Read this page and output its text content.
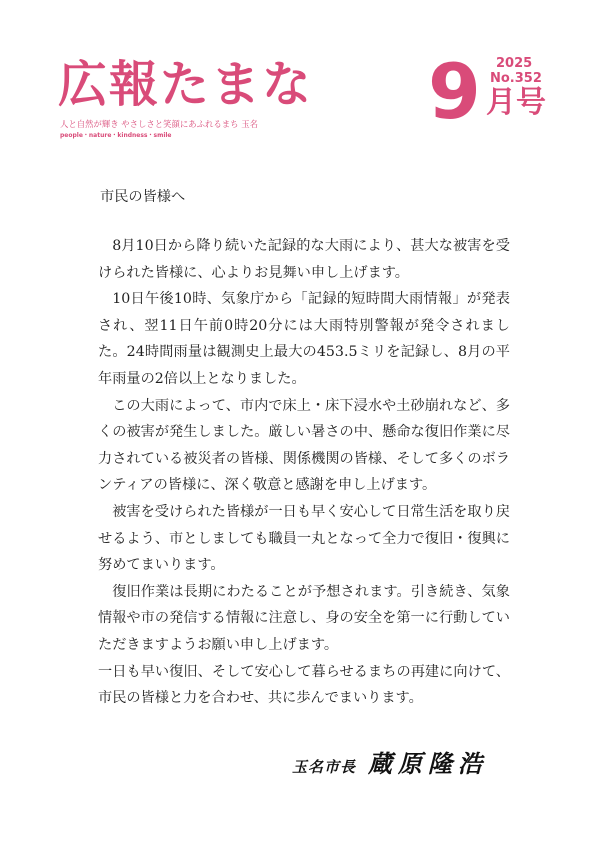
広報たまな
人と自然が輝き やさしさと笑顔にあふれるまち 玉名
people・nature・kindness・smile
2025
No.352
9 月号
市民の皆様へ

8月10日から降り続いた記録的な大雨により、甚大な被害を受けられた皆様に、心よりお見舞い申し上げます。

10日午後10時、気象庁から「記録的短時間大雨情報」が発表され、翌11日午前0時20分には大雨特別警報が発令されました。24時間雨量は観測史上最大の453.5ミリを記録し、8月の平年雨量の2倍以上となりました。

この大雨によって、市内で床上・床下浸水や土砂崩れなど、多くの被害が発生しました。厳しい暑さの中、懸命な復旧作業に尽力されている被災者の皆様、関係機関の皆様、そして多くのボランティアの皆様に、深く敬意と感謝を申し上げます。

被害を受けられた皆様が一日も早く安心して日常生活を取り戻せるよう、市としましても職員一丸となって全力で復旧・復興に努めてまいります。

復旧作業は長期にわたることが予想されます。引き続き、気象情報や市の発信する情報に注意し、身の安全を第一に行動していただきますようお願い申し上げます。

一日も早い復旧、そして安心して暮らせるまちの再建に向けて、市民の皆様と力を合わせ、共に歩んでまいります。

玉名市長 蔵原隆浩
